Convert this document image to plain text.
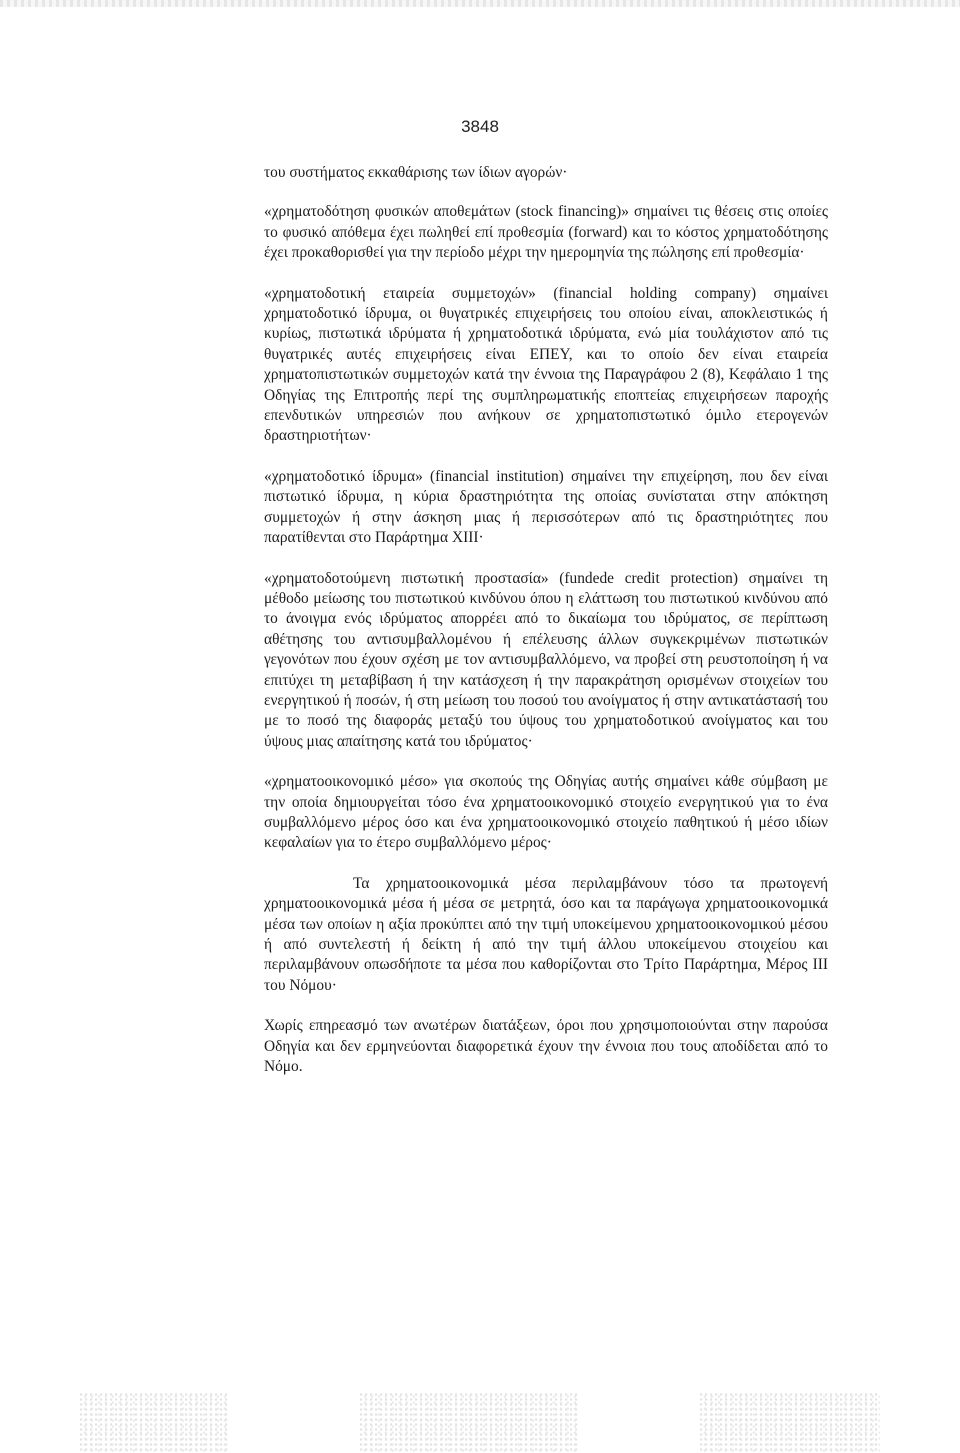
3848

του συστήματος εκκαθάρισης των ίδιων αγορών·

«χρηματοδότηση φυσικών αποθεμάτων (stock financing)» σημαίνει τις θέσεις στις οποίες το φυσικό απόθεμα έχει πωληθεί επί προθεσμία (forward) και το κόστος χρηματοδότησης έχει προκαθορισθεί για την περίοδο μέχρι την ημερομηνία της πώλησης επί προθεσμία·

«χρηματοδοτική εταιρεία συμμετοχών» (financial holding company) σημαίνει χρηματοδοτικό ίδρυμα, οι θυγατρικές επιχειρήσεις του οποίου είναι, αποκλειστικώς ή κυρίως, πιστωτικά ιδρύματα ή χρηματοδοτικά ιδρύματα, ενώ μία τουλάχιστον από τις θυγατρικές αυτές επιχειρήσεις είναι ΕΠΕΥ, και το οποίο δεν είναι εταιρεία χρηματοπιστωτικών συμμετοχών κατά την έννοια της Παραγράφου 2 (8), Κεφάλαιο 1 της Οδηγίας της Επιτροπής περί της συμπληρωματικής εποπτείας επιχειρήσεων παροχής επενδυτικών υπηρεσιών που ανήκουν σε χρηματοπιστωτικό όμιλο ετερογενών δραστηριοτήτων·

«χρηματοδοτικό ίδρυμα» (financial institution) σημαίνει την επιχείρηση, που δεν είναι πιστωτικό ίδρυμα, η κύρια δραστηριότητα της οποίας συνίσταται στην απόκτηση συμμετοχών ή στην άσκηση μιας ή περισσότερων από τις δραστηριότητες που παρατίθενται στο Παράρτημα XIII·

«χρηματοδοτούμενη πιστωτική προστασία» (fundede credit protection) σημαίνει τη μέθοδο μείωσης του πιστωτικού κινδύνου όπου η ελάττωση του πιστωτικού κινδύνου από το άνοιγμα ενός ιδρύματος απορρέει από το δικαίωμα του ιδρύματος, σε περίπτωση αθέτησης του αντισυμβαλλομένου ή επέλευσης άλλων συγκεκριμένων πιστωτικών γεγονότων που έχουν σχέση με τον αντισυμβαλλόμενο, να προβεί στη ρευστοποίηση ή να επιτύχει τη μεταβίβαση ή την κατάσχεση ή την παρακράτηση ορισμένων στοιχείων του ενεργητικού ή ποσών, ή στη μείωση του ποσού του ανοίγματος ή στην αντικατάστασή του με το ποσό της διαφοράς μεταξύ του ύψους του χρηματοδοτικού ανοίγματος και του ύψους μιας απαίτησης κατά του ιδρύματος·

«χρηματοοικονομικό μέσο» για σκοπούς της Οδηγίας αυτής σημαίνει κάθε σύμβαση με την οποία δημιουργείται τόσο ένα χρηματοοικονομικό στοιχείο ενεργητικού για το ένα συμβαλλόμενο μέρος όσο και ένα χρηματοοικονομικό στοιχείο παθητικού ή μέσο ιδίων κεφαλαίων για το έτερο συμβαλλόμενο μέρος·

Τα χρηματοοικονομικά μέσα περιλαμβάνουν τόσο τα πρωτογενή χρηματοοικονομικά μέσα ή μέσα σε μετρητά, όσο και τα παράγωγα χρηματοοικονομικά μέσα των οποίων η αξία προκύπτει από την τιμή υποκείμενου χρηματοοικονομικού μέσου ή από συντελεστή ή δείκτη ή από την τιμή άλλου υποκείμενου στοιχείου και περιλαμβάνουν οπωσδήποτε τα μέσα που καθορίζονται στο Τρίτο Παράρτημα, Μέρος ΙΙΙ του Νόμου·

Χωρίς επηρεασμό των ανωτέρων διατάξεων, όροι που χρησιμοποιούνται στην παρούσα Οδηγία και δεν ερμηνεύονται διαφορετικά έχουν την έννοια που τους αποδίδεται από το Νόμο.
